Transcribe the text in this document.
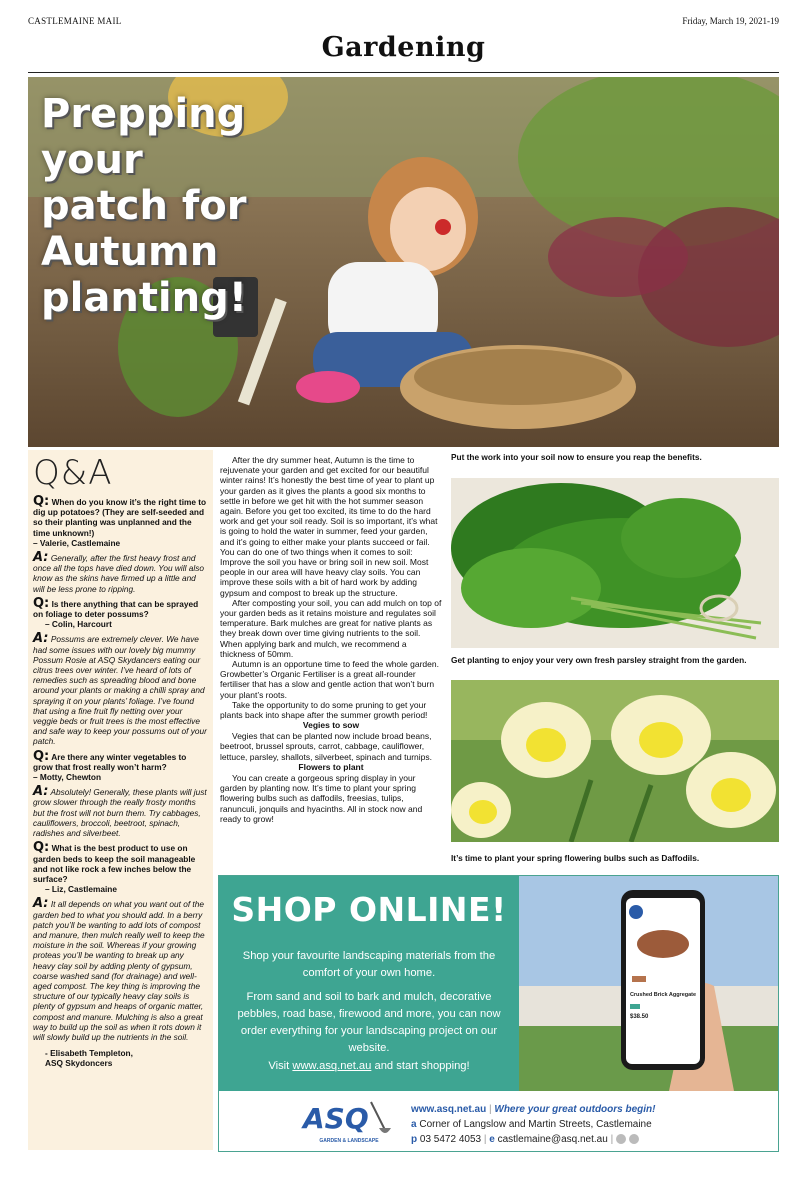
CASTLEMAINE MAIL	Friday, March 19, 2021-19
Gardening
Prepping your
patch for
Autumn
planting!
Q&A

Q: When do you know it’s the right time to dig up potatoes? (They are self-seeded and so their planting was unplanned and the time unknown!)

– Valerie, Castlemaine

A: Generally, after the first heavy frost and once all the tops have died down. You will also know as the skins have firmed up a little and will be less prone to ripping.

Q: Is there anything that can be sprayed on foliage to deter possums?

– Colin, Harcourt

A: Possums are extremely clever. We have had some issues with our lovely big mummy Possum Rosie at ASQ Skydancers eating our citrus trees over winter. I’ve heard of lots of remedies such as spreading blood and bone around your plants or making a chilli spray and spraying it on your plants’ foliage. I’ve found that using a fine fruit fly netting over your veggie beds or fruit trees is the most effective and safe way to keep your possums out of your patch.

Q: Are there any winter vegetables to grow that frost really won’t harm?

– Motty, Chewton

A: Absolutely! Generally, these plants will just grow slower through the really frosty months but the frost will not burn them. Try cabbages, cauliflowers, broccoli, beetroot, spinach, radishes and silverbeet.

Q: What is the best product to use on garden beds to keep the soil manageable and not like rock a few inches below the surface?

– Liz, Castlemaine

A: It all depends on what you want out of the garden bed to what you should add. In a berry patch you’ll be wanting to add lots of compost and manure, then mulch really well to keep the moisture in the soil. Whereas if your growing proteas you’ll be wanting to break up any heavy clay soil by adding plenty of gypsum, coarse washed sand (for drainage) and well-aged compost. The key thing is improving the structure of our typically heavy clay soils is plenty of gypsum and heaps of organic matter, compost and manure. Mulching is also a great way to build up the soil as when it rots down it will slowly build up the nutrients in the soil.

- Elisabeth Templeton,

ASQ Skydoncers

After the dry summer heat, Autumn is the time to rejuvenate your garden and get excited for our beautiful winter rains! It’s honestly the best time of year to plant up your garden as it gives the plants a good six months to settle in before we get hit with the hot summer season again. Before you get too excited, its time to do the hard work and get your soil ready. Soil is so important, it’s what is going to hold the water in summer, feed your garden, and it’s going to either make your plants succeed or fail. You can do one of two things when it comes to soil: Improve the soil you have or bring soil in new soil. Most people in our area will have heavy clay soils. You can improve these soils with a bit of hard work by adding gypsum and compost to break up the structure.

After composting your soil, you can add mulch on top of your garden beds as it retains moisture and regulates soil temperature. Bark mulches are great for native plants as they break down over time giving nutrients to the soil. When applying bark and mulch, we recommend a thickness of 50mm.

Autumn is an opportune time to feed the whole garden. Growbetter’s Organic Fertiliser is a great all-rounder fertiliser that has a slow and gentle action that won’t burn your plant’s roots.

Take the opportunity to do some pruning to get your plants back into shape after the summer growth period!

Vegies to sow

Vegies that can be planted now include broad beans, beetroot, brussel sprouts, carrot, cabbage, cauliflower, lettuce, parsley, shallots, silverbeet, spinach and turnips.

Flowers to plant

You can create a gorgeous spring display in your garden by planting now. It’s time to plant your spring flowering bulbs such as daffodils, freesias, tulips, ranunculi, jonquils and hyacinths. All in stock now and ready to grow!

Put the work into your soil now to ensure you reap the benefits.
Get planting to enjoy your very own fresh parsley straight from the garden.
It’s time to plant your spring flowering bulbs such as Daffodils.
SHOP ONLINE!
Shop your favourite landscaping materials from the comfort of your own home.
From sand and soil to bark and mulch, decorative pebbles, road base, firewood and more, you can now order everything for your landscaping project on our website.
Visit www.asq.net.au and start shopping!
Crushed Brick Aggregate
$38.50
ASQ
GARDEN & LANDSCAPE
www.asq.net.au | Where your great outdoors begin!
a Corner of Langslow and Martin Streets, Castlemaine
p 03 5472 4053 | e castlemaine@asq.net.au |
